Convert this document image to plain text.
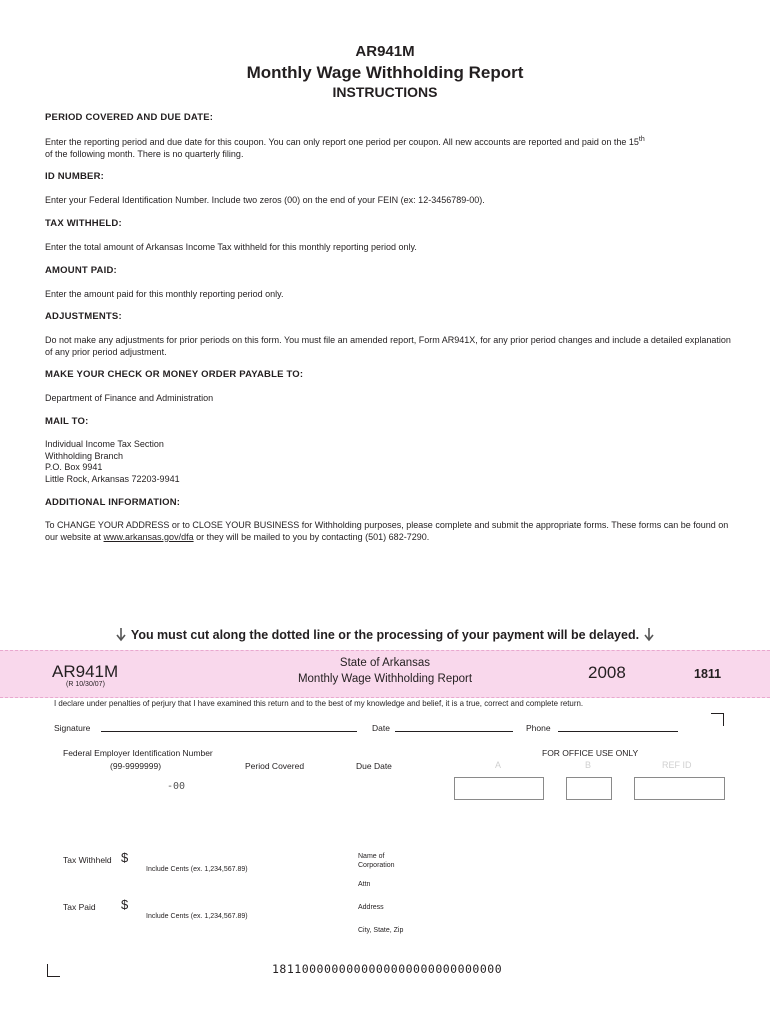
AR941M
Monthly Wage Withholding Report
INSTRUCTIONS
PERIOD COVERED AND DUE DATE:
Enter the reporting period and due date for this coupon. You can only report one period per coupon. All new accounts are reported and paid on the 15th
of the following month. There is no quarterly filing.
ID NUMBER:
Enter your Federal Identification Number. Include two zeros (00) on the end of your FEIN (ex: 12-3456789-00).
TAX WITHHELD:
Enter the total amount of Arkansas Income Tax withheld for this monthly reporting period only.
AMOUNT PAID:
Enter the amount paid for this monthly reporting period only.
ADJUSTMENTS:
Do not make any adjustments for prior periods on this form. You must file an amended report, Form AR941X, for any prior period changes and include a detailed explanation of any prior period adjustment.
MAKE YOUR CHECK OR MONEY ORDER PAYABLE TO:
Department of Finance and Administration
MAIL TO:
Individual Income Tax Section
Withholding Branch
P.O. Box 9941
Little Rock, Arkansas 72203-9941
ADDITIONAL INFORMATION:
To CHANGE YOUR ADDRESS or to CLOSE YOUR BUSINESS for Withholding purposes, please complete and submit the appropriate forms. These forms can be found on our website at www.arkansas.gov/dfa or they will be mailed to you by contacting (501) 682-7290.
You must cut along the dotted line or the processing of your payment will be delayed.
AR941M
(R 10/30/07)
State of Arkansas
Monthly Wage Withholding Report	2008	1811
I declare under penalties of perjury that I have examined this return and to the best of my knowledge and belief, it is a true, correct and complete return.
Signature	Date	Phone
Federal Employer Identification Number
(99-9999999)	Period Covered	Due Date
FOR OFFICE USE ONLY
A	B	REF ID
-00
Tax Withheld $
Include Cents (ex. 1,234,567.89)
Tax Paid $
Include Cents (ex. 1,234,567.89)
Name of
Corporation
Attn
Address
City, State, Zip
1811000000000000000000000000000
